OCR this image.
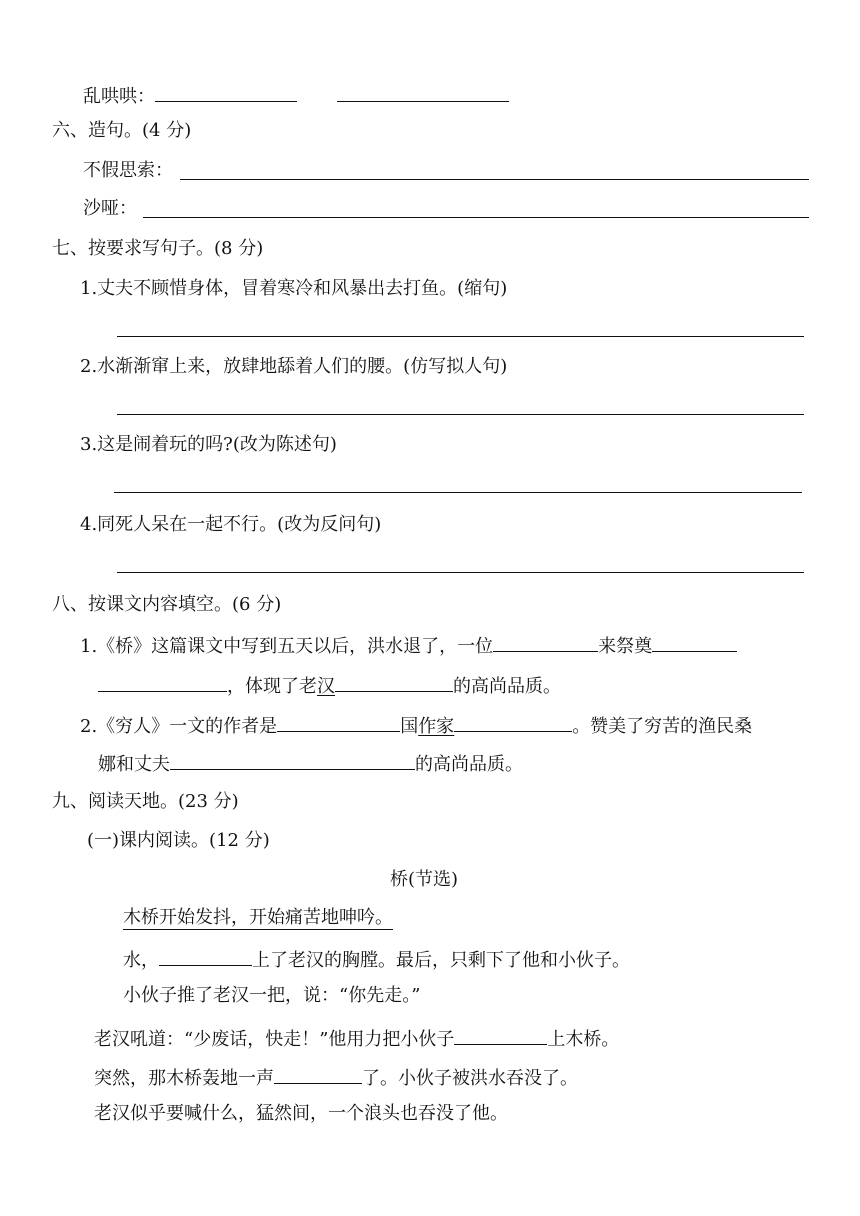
乱哄哄：
六、造句。(4 分)
不假思索：
沙哑：
七、按要求写句子。(8 分)
1.丈夫不顾惜身体，冒着寒冷和风暴出去打鱼。(缩句)
2.水渐渐窜上来，放肆地舔着人们的腰。(仿写拟人句)
3.这是闹着玩的吗?(改为陈述句)
4.同死人呆在一起不行。(改为反问句)
八、按课文内容填空。(6 分)
1.《桥》这篇课文中写到五天以后，洪水退了，一位	来祭奠
，体现了老汉	的高尚品质。
2.《穷人》一文的作者是	国作家	。赞美了穷苦的渔民桑
娜和丈夫	的高尚品质。
九、阅读天地。(23 分)
(一)课内阅读。(12 分)
桥(节选)
木桥开始发抖，开始痛苦地呻吟。
水，	上了老汉的胸膛。最后，只剩下了他和小伙子。
小伙子推了老汉一把，说：“你先走。”
老汉吼道：“少废话，快走！”他用力把小伙子	上木桥。
突然，那木桥轰地一声	了。小伙子被洪水吞没了。
老汉似乎要喊什么，猛然间，一个浪头也吞没了他。
